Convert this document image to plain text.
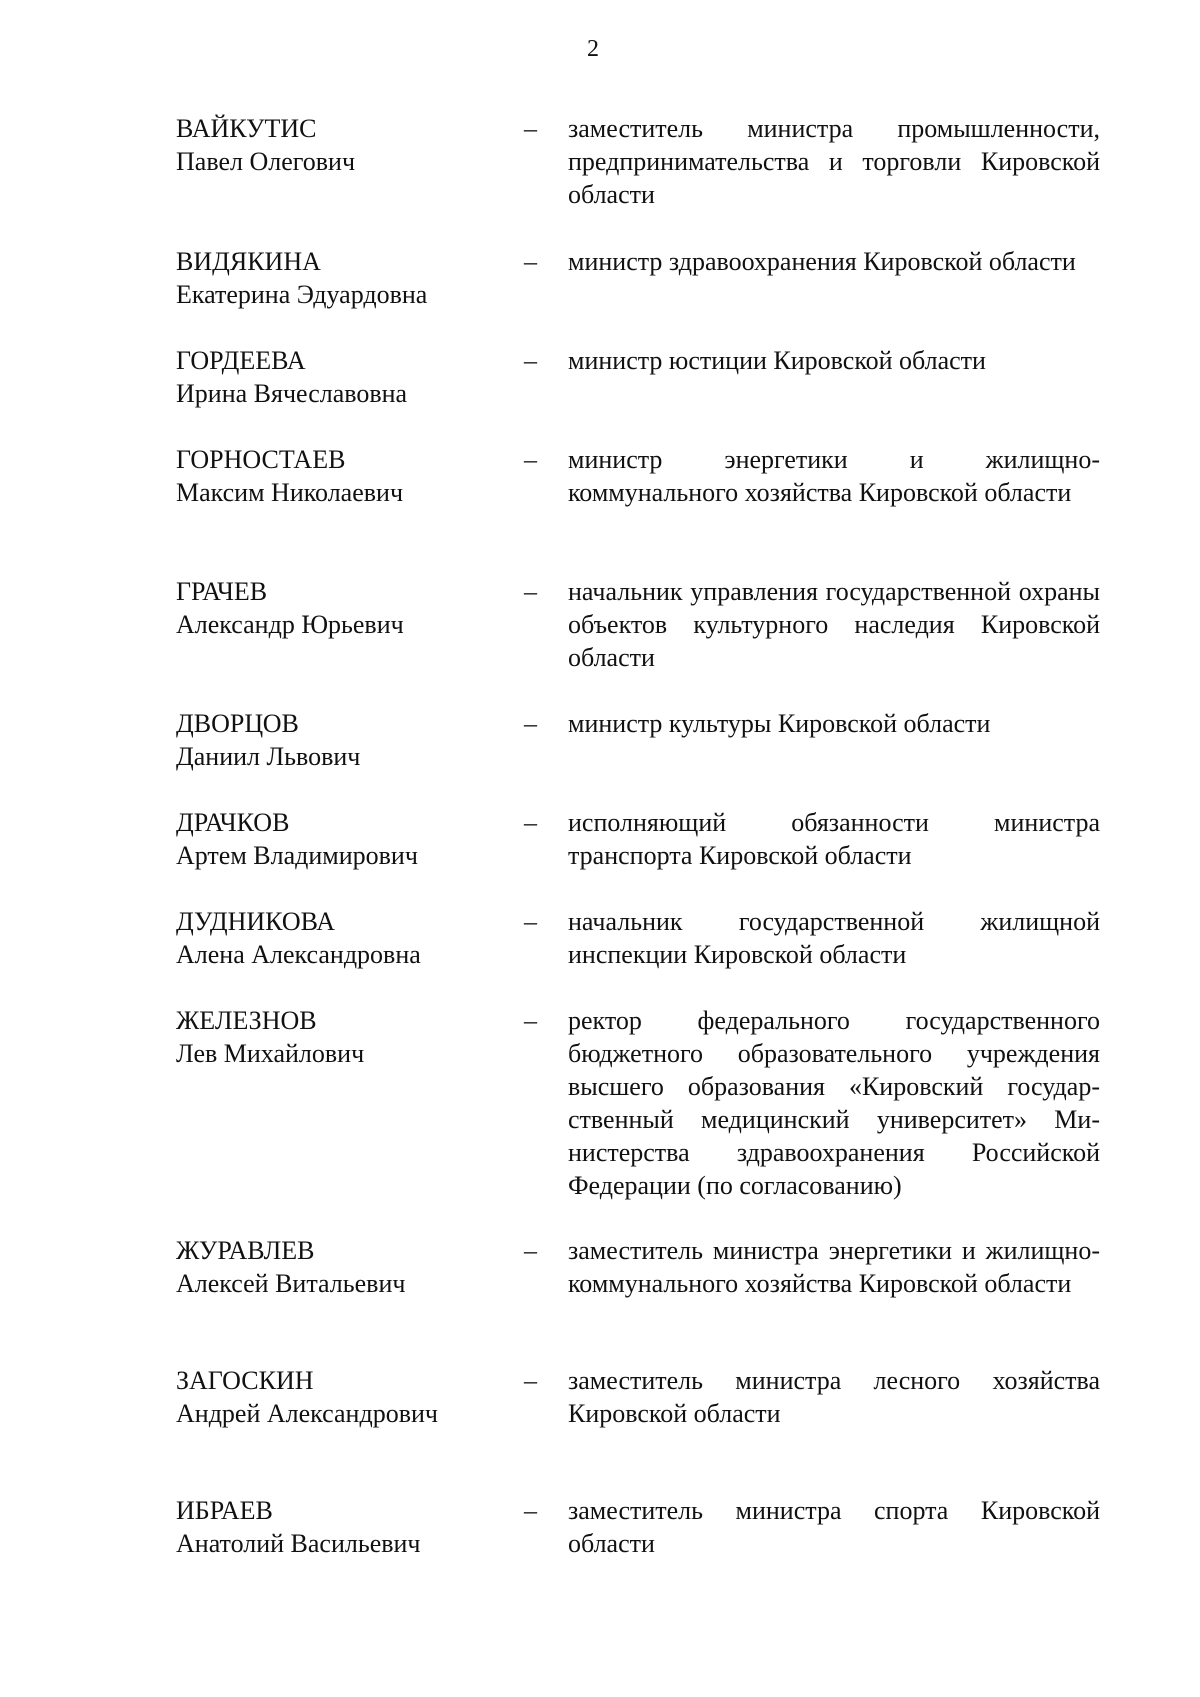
2
ВАЙКУТИС
Павел Олегович
– заместитель министра промышленности, предпринимательства и торговли Кировской области
ВИДЯКИНА
Екатерина Эдуардовна
– министр здравоохранения Кировской области
ГОРДЕЕВА
Ирина Вячеславовна
– министр юстиции Кировской области
ГОРНОСТАЕВ
Максим Николаевич
– министр энергетики и жилищно-коммунального хозяйства Кировской области
ГРАЧЕВ
Александр Юрьевич
– начальник управления государственной охраны объектов культурного наследия Кировской области
ДВОРЦОВ
Даниил Львович
– министр культуры Кировской области
ДРАЧКОВ
Артем Владимирович
– исполняющий обязанности министра транспорта Кировской области
ДУДНИКОВА
Алена Александровна
– начальник государственной жилищной инспекции Кировской области
ЖЕЛЕЗНОВ
Лев Михайлович
– ректор федерального государственного бюджетного образовательного учреждения высшего образования «Кировский государственный медицинский университет» Министерства здравоохранения Российской Федерации (по согласованию)
ЖУРАВЛЕВ
Алексей Витальевич
– заместитель министра энергетики и жилищно-коммунального хозяйства Кировской области
ЗАГОСКИН
Андрей Александрович
– заместитель министра лесного хозяйства Кировской области
ИБРАЕВ
Анатолий Васильевич
– заместитель министра спорта Кировской области
